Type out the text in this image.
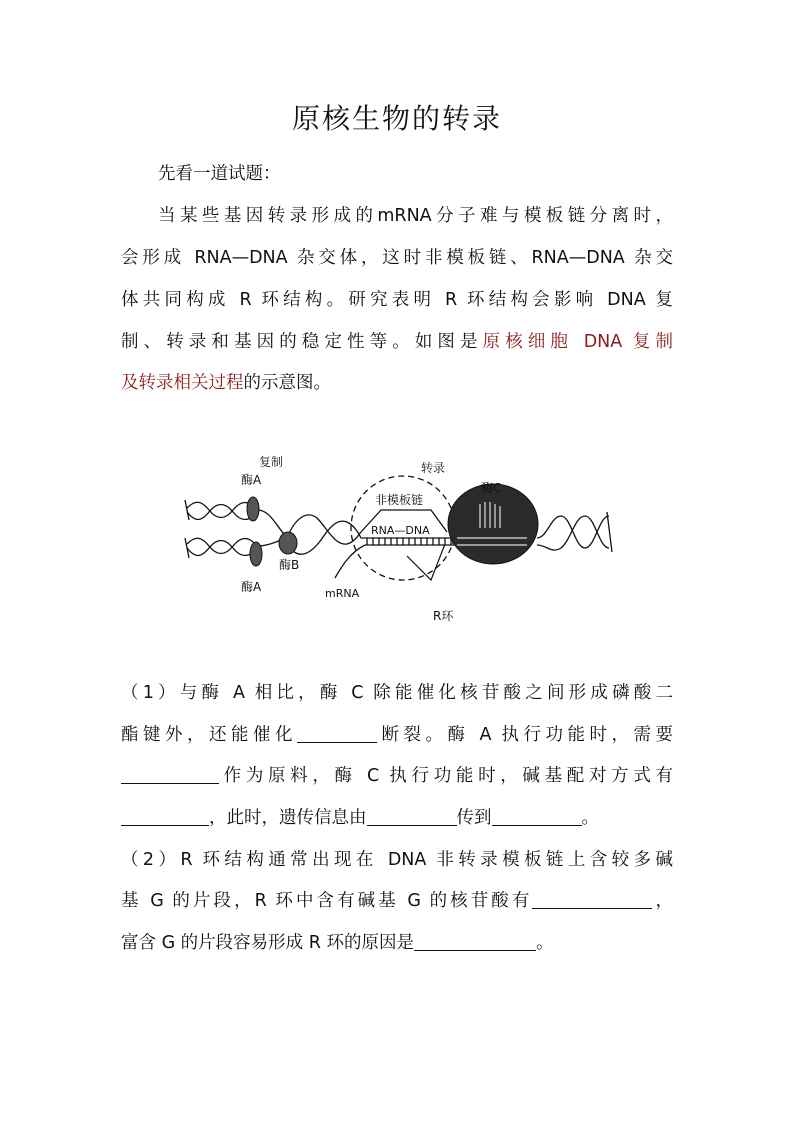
原核生物的转录
先看一道试题：
当某些基因转录形成的mRNA分子难与模板链分离时，
会形成 RNA—DNA 杂交体，这时非模板链、RNA—DNA 杂交
体共同构成 R 环结构。研究表明 R 环结构会影响 DNA 复
制、转录和基因的稳定性等。如图是原核细胞 DNA 复制
及转录相关过程的示意图。
复制
酶A
酶A
酶B
转录
非模板链
RNA—DNA
酶C
mRNA
R环
（1）与酶 A 相比，酶 C 除能催化核苷酸之间形成磷酸二
酯键外，还能催化	断裂。酶 A 执行功能时，需要
作为原料，酶 C 执行功能时，碱基配对方式有
，此时，遗传信息由	传到	。
（2）R 环结构通常出现在 DNA 非转录模板链上含较多碱
基 G 的片段，R 环中含有碱基 G 的核苷酸有	，
富含 G 的片段容易形成 R 环的原因是	。
